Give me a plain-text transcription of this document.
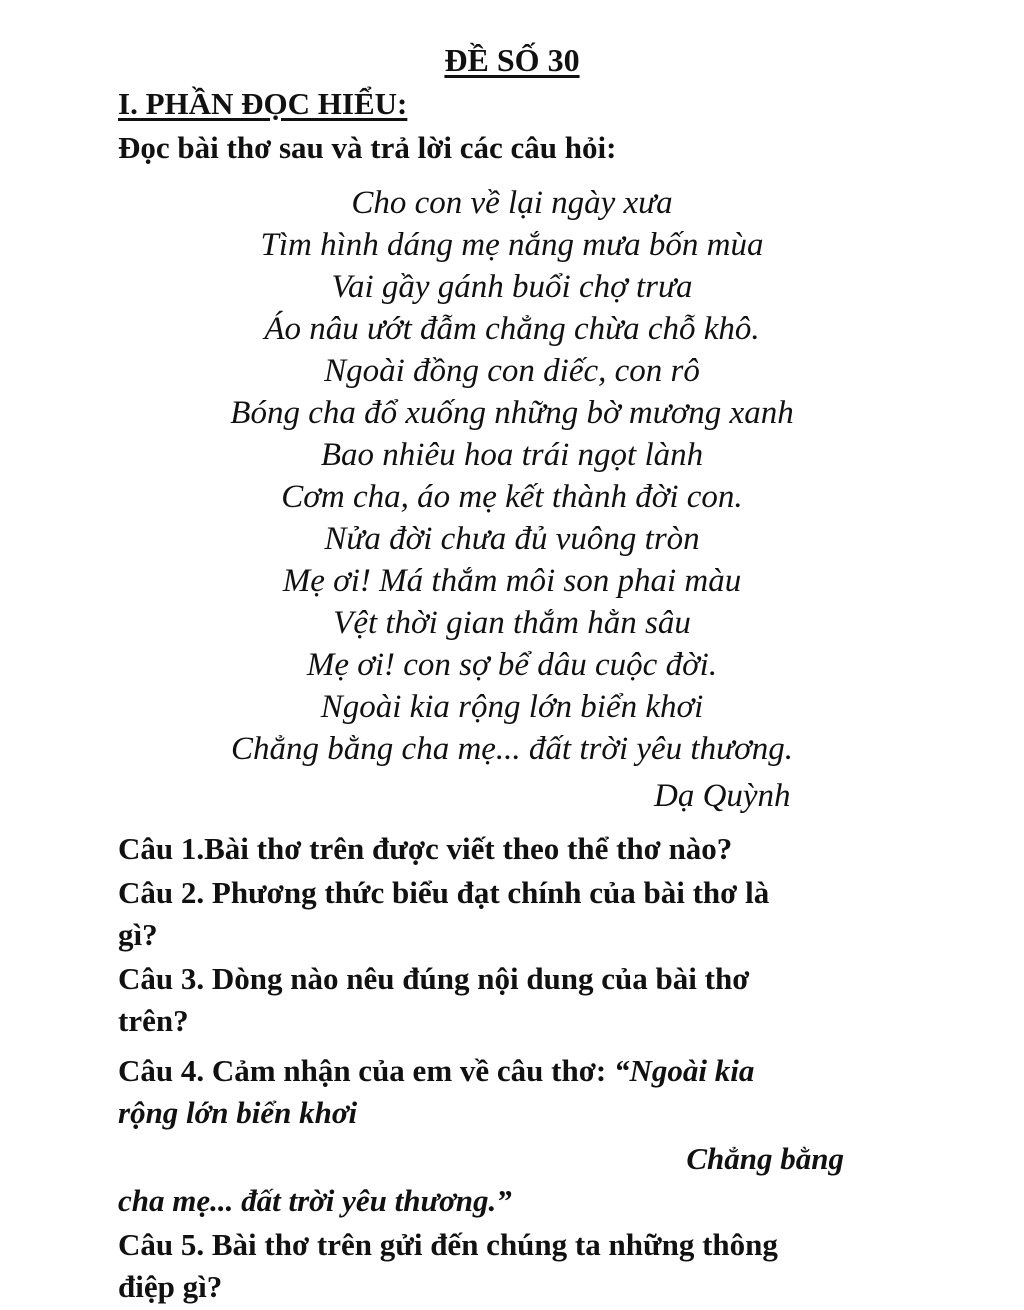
ĐỀ SỐ 30
I. PHẦN ĐỌC HIỂU:
Đọc bài thơ sau và trả lời các câu hỏi:
Cho con về lại ngày xưa
Tìm hình dáng mẹ nắng mưa bốn mùa
Vai gầy gánh buổi chợ trưa
Áo nâu ướt đẫm chẳng chừa chỗ khô.
Ngoài đồng con diếc, con rô
Bóng cha đổ xuống những bờ mương xanh
Bao nhiêu hoa trái ngọt lành
Cơm cha, áo mẹ kết thành đời con.
Nửa đời chưa đủ vuông tròn
Mẹ ơi! Má thắm môi son phai màu
Vệt thời gian thắm hằn sâu
Mẹ ơi! con sợ bể dâu cuộc đời.
Ngoài kia rộng lớn biển khơi
Chẳng bằng cha mẹ... đất trời yêu thương.
Dạ Quỳnh
Câu 1.Bài thơ trên được viết theo thể thơ nào?
Câu 2. Phương thức biểu đạt chính của bài thơ là
gì?
Câu 3. Dòng nào nêu đúng nội dung của bài thơ
trên?
Câu 4. Cảm nhận của em về câu thơ: “Ngoài kia
rộng lớn biển khơi
Chẳng bằng
cha mẹ... đất trời yêu thương.”
Câu 5. Bài thơ trên gửi đến chúng ta những thông
điệp gì?
